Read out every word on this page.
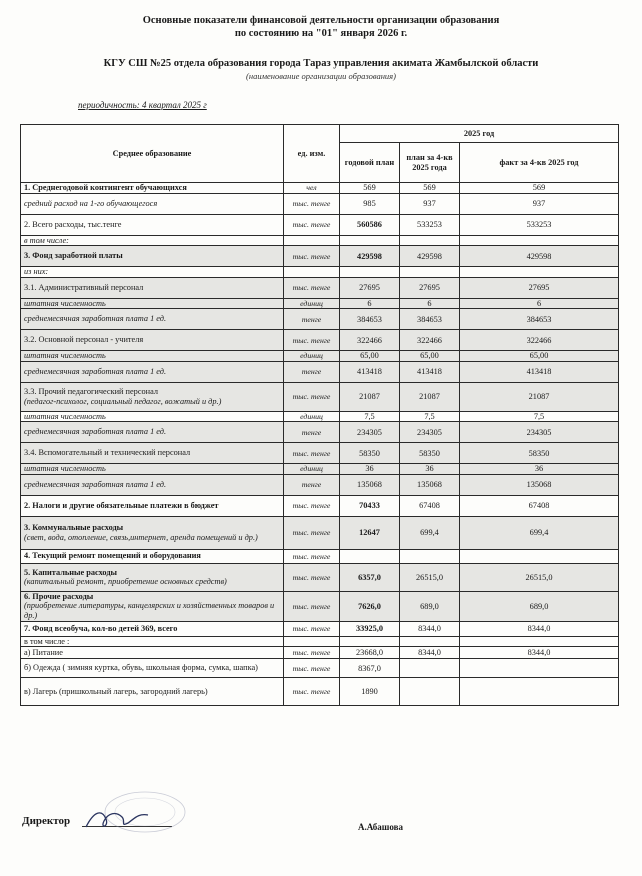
Основные показатели финансовой деятельности организации образования
по состоянию на "01" января 2026 г.
КГУ СШ №25 отдела образования города Тараз управления акимата Жамбылской области
(наименование организации образования)
периодичность: 4 квартал 2025 г
Среднее образование	ед. изм.	2025 год		
		годовой план	план за 4-кв 2025 года	факт за 4-кв 2025 год
1. Среднегодовой контингент обучающихся	чел	569	569	569
средний расход на 1-го обучающегося	тыс. тенге	985	937	937
2. Всего расходы, тыс.тенге	тыс. тенге	560586	533253	533253
в том числе:				
3. Фонд заработной платы	тыс. тенге	429598	429598	429598
из них:				
3.1. Административный персонал	тыс. тенге	27695	27695	27695
штатная численность	единиц	6	6	6
среднемесячная заработная плата 1 ед.	тенге	384653	384653	384653
3.2. Основной персонал - учителя	тыс. тенге	322466	322466	322466
штатная численность	единиц	65,00	65,00	65,00
среднемесячная заработная плата 1 ед.	тенге	413418	413418	413418
3.3. Прочий педагогический персонал
(педагог-психолог, социальный педагог, вожатый и др.)	тыс. тенге	21087	21087	21087
штатная численность	единиц	7,5	7,5	7,5
среднемесячная заработная плата 1 ед.	тенге	234305	234305	234305
3.4. Вспомогательный и технический персонал	тыс. тенге	58350	58350	58350
штатная численность	единиц	36	36	36
среднемесячная заработная плата 1 ед.	тенге	135068	135068	135068
2. Налоги и другие обязательные платежи в бюджет	тыс. тенге	70433	67408	67408
3. Коммунальные расходы
(свет, вода, отопление, связь,интернет, аренда помещений и др.)	тыс. тенге	12647	699,4	699,4
4. Текущий ремонт помещений и оборудования	тыс. тенге			
5. Капитальные расходы
(капитальный ремонт, приобретение основных средств)	тыс. тенге	6357,0	26515,0	26515,0
6. Прочие расходы
(приобретение литературы, канцелярских и хозяйственных товаров и др.)	тыс. тенге	7626,0	689,0	689,0
7. Фонд всеобуча, кол-во детей 369, всего	тыс. тенге	33925,0	8344,0	8344,0
в том числе :				
а) Питание	тыс. тенге	23668,0	8344,0	8344,0
б) Одежда ( зимняя куртка, обувь, школьная форма, сумка, шапка)	тыс. тенге	8367,0		
в) Лагерь (пришкольный лагерь, загородний лагерь)	тыс. тенге	1890		
Директор	А.Абашова
